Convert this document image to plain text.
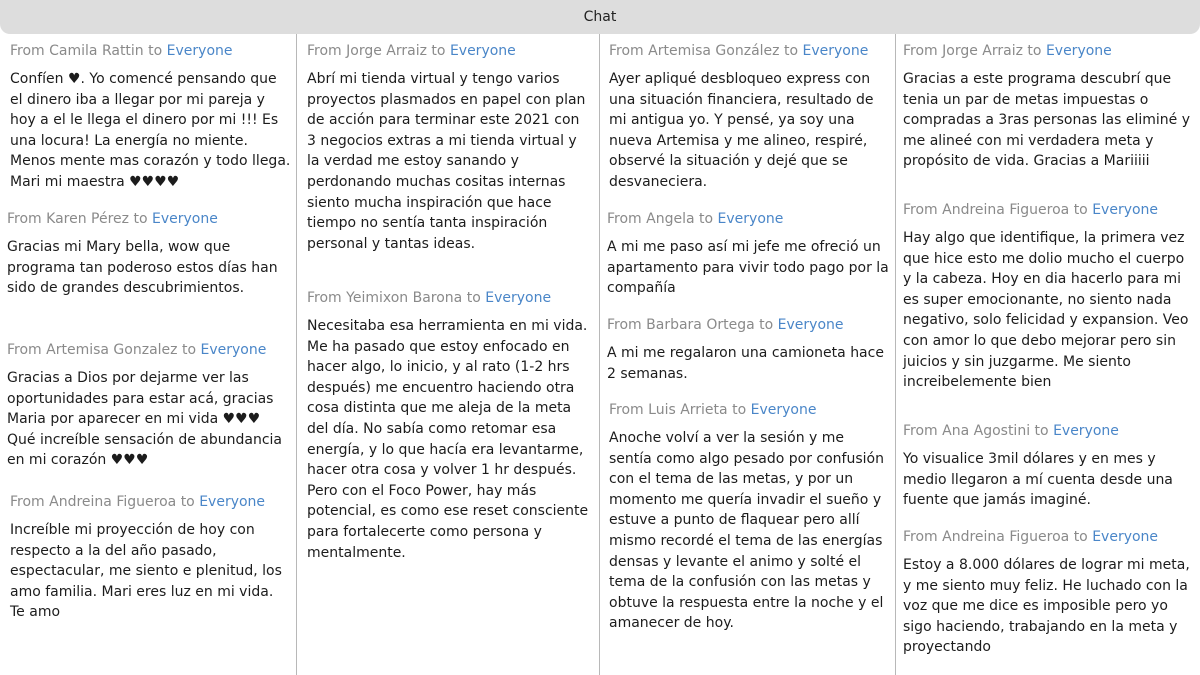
Chat
From Camila Rattin to Everyone
Confíen ♥. Yo comencé pensando que el dinero iba a llegar por mi pareja y hoy a el le llega el dinero por mi !!! Es una locura! La energía no miente. Menos mente mas corazón y todo llega. Mari mi maestra ♥♥♥♥
From Karen Pérez to Everyone
Gracias mi Mary bella, wow que programa tan poderoso estos días han sido de grandes descubrimientos.
From Artemisa Gonzalez to Everyone
Gracias a Dios por dejarme ver las oportunidades para estar acá, gracias Maria por aparecer en mi vida ♥♥♥ Qué increíble sensación de abundancia en mi corazón ♥♥♥
From Andreina Figueroa to Everyone
Increíble mi proyección de hoy con respecto a la del año pasado, espectacular, me siento e plenitud, los amo familia. Mari eres luz en mi vida. Te amo
From Jorge Arraiz to Everyone
Abrí mi tienda virtual y tengo varios proyectos plasmados en papel con plan de acción para terminar este 2021 con 3 negocios extras a mi tienda virtual y la verdad me estoy sanando y perdonando muchas cositas internas siento mucha inspiración que hace tiempo no sentía tanta inspiración personal y tantas ideas.
From Yeimixon Barona to Everyone
Necesitaba esa herramienta en mi vida. Me ha pasado que estoy enfocado en hacer algo, lo inicio, y al rato (1-2 hrs después) me encuentro haciendo otra cosa distinta que me aleja de la meta del día. No sabía como retomar esa energía, y lo que hacía era levantarme, hacer otra cosa y volver 1 hr después. Pero con el Foco Power, hay más potencial, es como ese reset consciente para fortalecerte como persona y mentalmente.
From Artemisa González to Everyone
Ayer apliqué desbloqueo express con una situación financiera, resultado de mi antigua yo. Y pensé, ya soy una nueva Artemisa y me alineo, respiré, observé la situación y dejé que se desvaneciera.
From Angela to Everyone
A mi me paso así mi jefe me ofreció un apartamento para vivir todo pago por la compañía
From Barbara Ortega to Everyone
A mi me regalaron una camioneta hace 2 semanas.
From Luis Arrieta to Everyone
Anoche volví a ver la sesión y me sentía como algo pesado por confusión con el tema de las metas, y por un momento me quería invadir el sueño y estuve a punto de flaquear pero allí mismo recordé el tema de las energías densas y levante el animo y solté el tema de la confusión con las metas y obtuve la respuesta entre la noche y el amanecer de hoy.
From Jorge Arraiz to Everyone
Gracias a este programa descubrí que tenia un par de metas impuestas o compradas a 3ras personas las eliminé y me alineé con mi verdadera meta y propósito de vida. Gracias a Mariiiii
From Andreina Figueroa to Everyone
Hay algo que identifique, la primera vez que hice esto me dolio mucho el cuerpo y la cabeza. Hoy en dia hacerlo para mi es super emocionante, no siento nada negativo, solo felicidad y expansion. Veo con amor lo que debo mejorar pero sin juicios y sin juzgarme. Me siento increibelemente bien
From Ana Agostini to Everyone
Yo visualice 3mil dólares y en mes y medio llegaron a mí cuenta desde una fuente que jamás imaginé.
From Andreina Figueroa to Everyone
Estoy a 8.000 dólares de lograr mi meta, y me siento muy feliz. He luchado con la voz que me dice es imposible pero yo sigo haciendo, trabajando en la meta y proyectando
